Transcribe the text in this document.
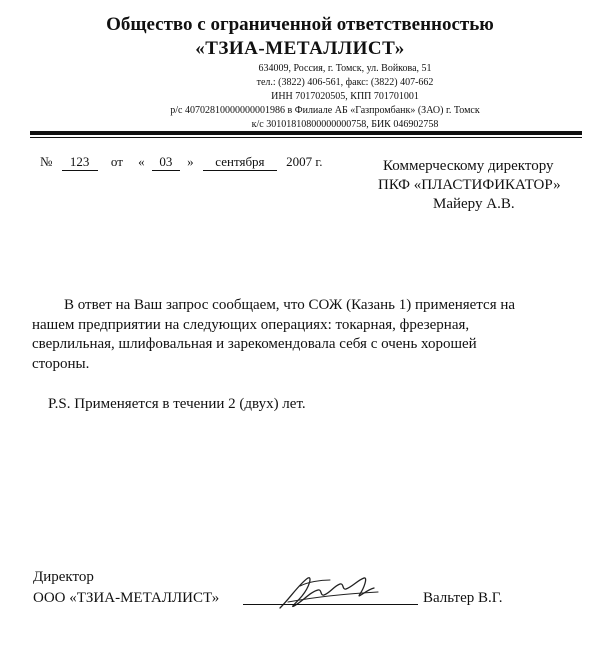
Общество с ограниченной ответственностью
«ТЗИА-МЕТАЛЛИСТ»
634009, Россия, г. Томск, ул. Войкова, 51
тел.: (3822) 406-561, факс: (3822) 407-662
ИНН 7017020505, КПП 701701001
р/с 40702810000000001986 в Филиале АБ «Газпромбанк» (ЗАО) г. Томск
к/с 30101810800000000758, БИК 046902758
№ 123 от « 03 » сентября 2007 г.	Коммерческому директору
ПКФ «ПЛАСТИФИКАТОР»
Майеру А.В.

В ответ на Ваш запрос сообщаем, что СОЖ (Казань 1) применяется на

нашем предприятии на следующих операциях: токарная, фрезерная,

сверлильная, шлифовальная и зарекомендовала себя с очень хорошей

стороны.

P.S. Применяется в течении 2 (двух) лет.
Директор
ООО «ТЗИА-МЕТАЛЛИСТ»	Вальтер В.Г.
